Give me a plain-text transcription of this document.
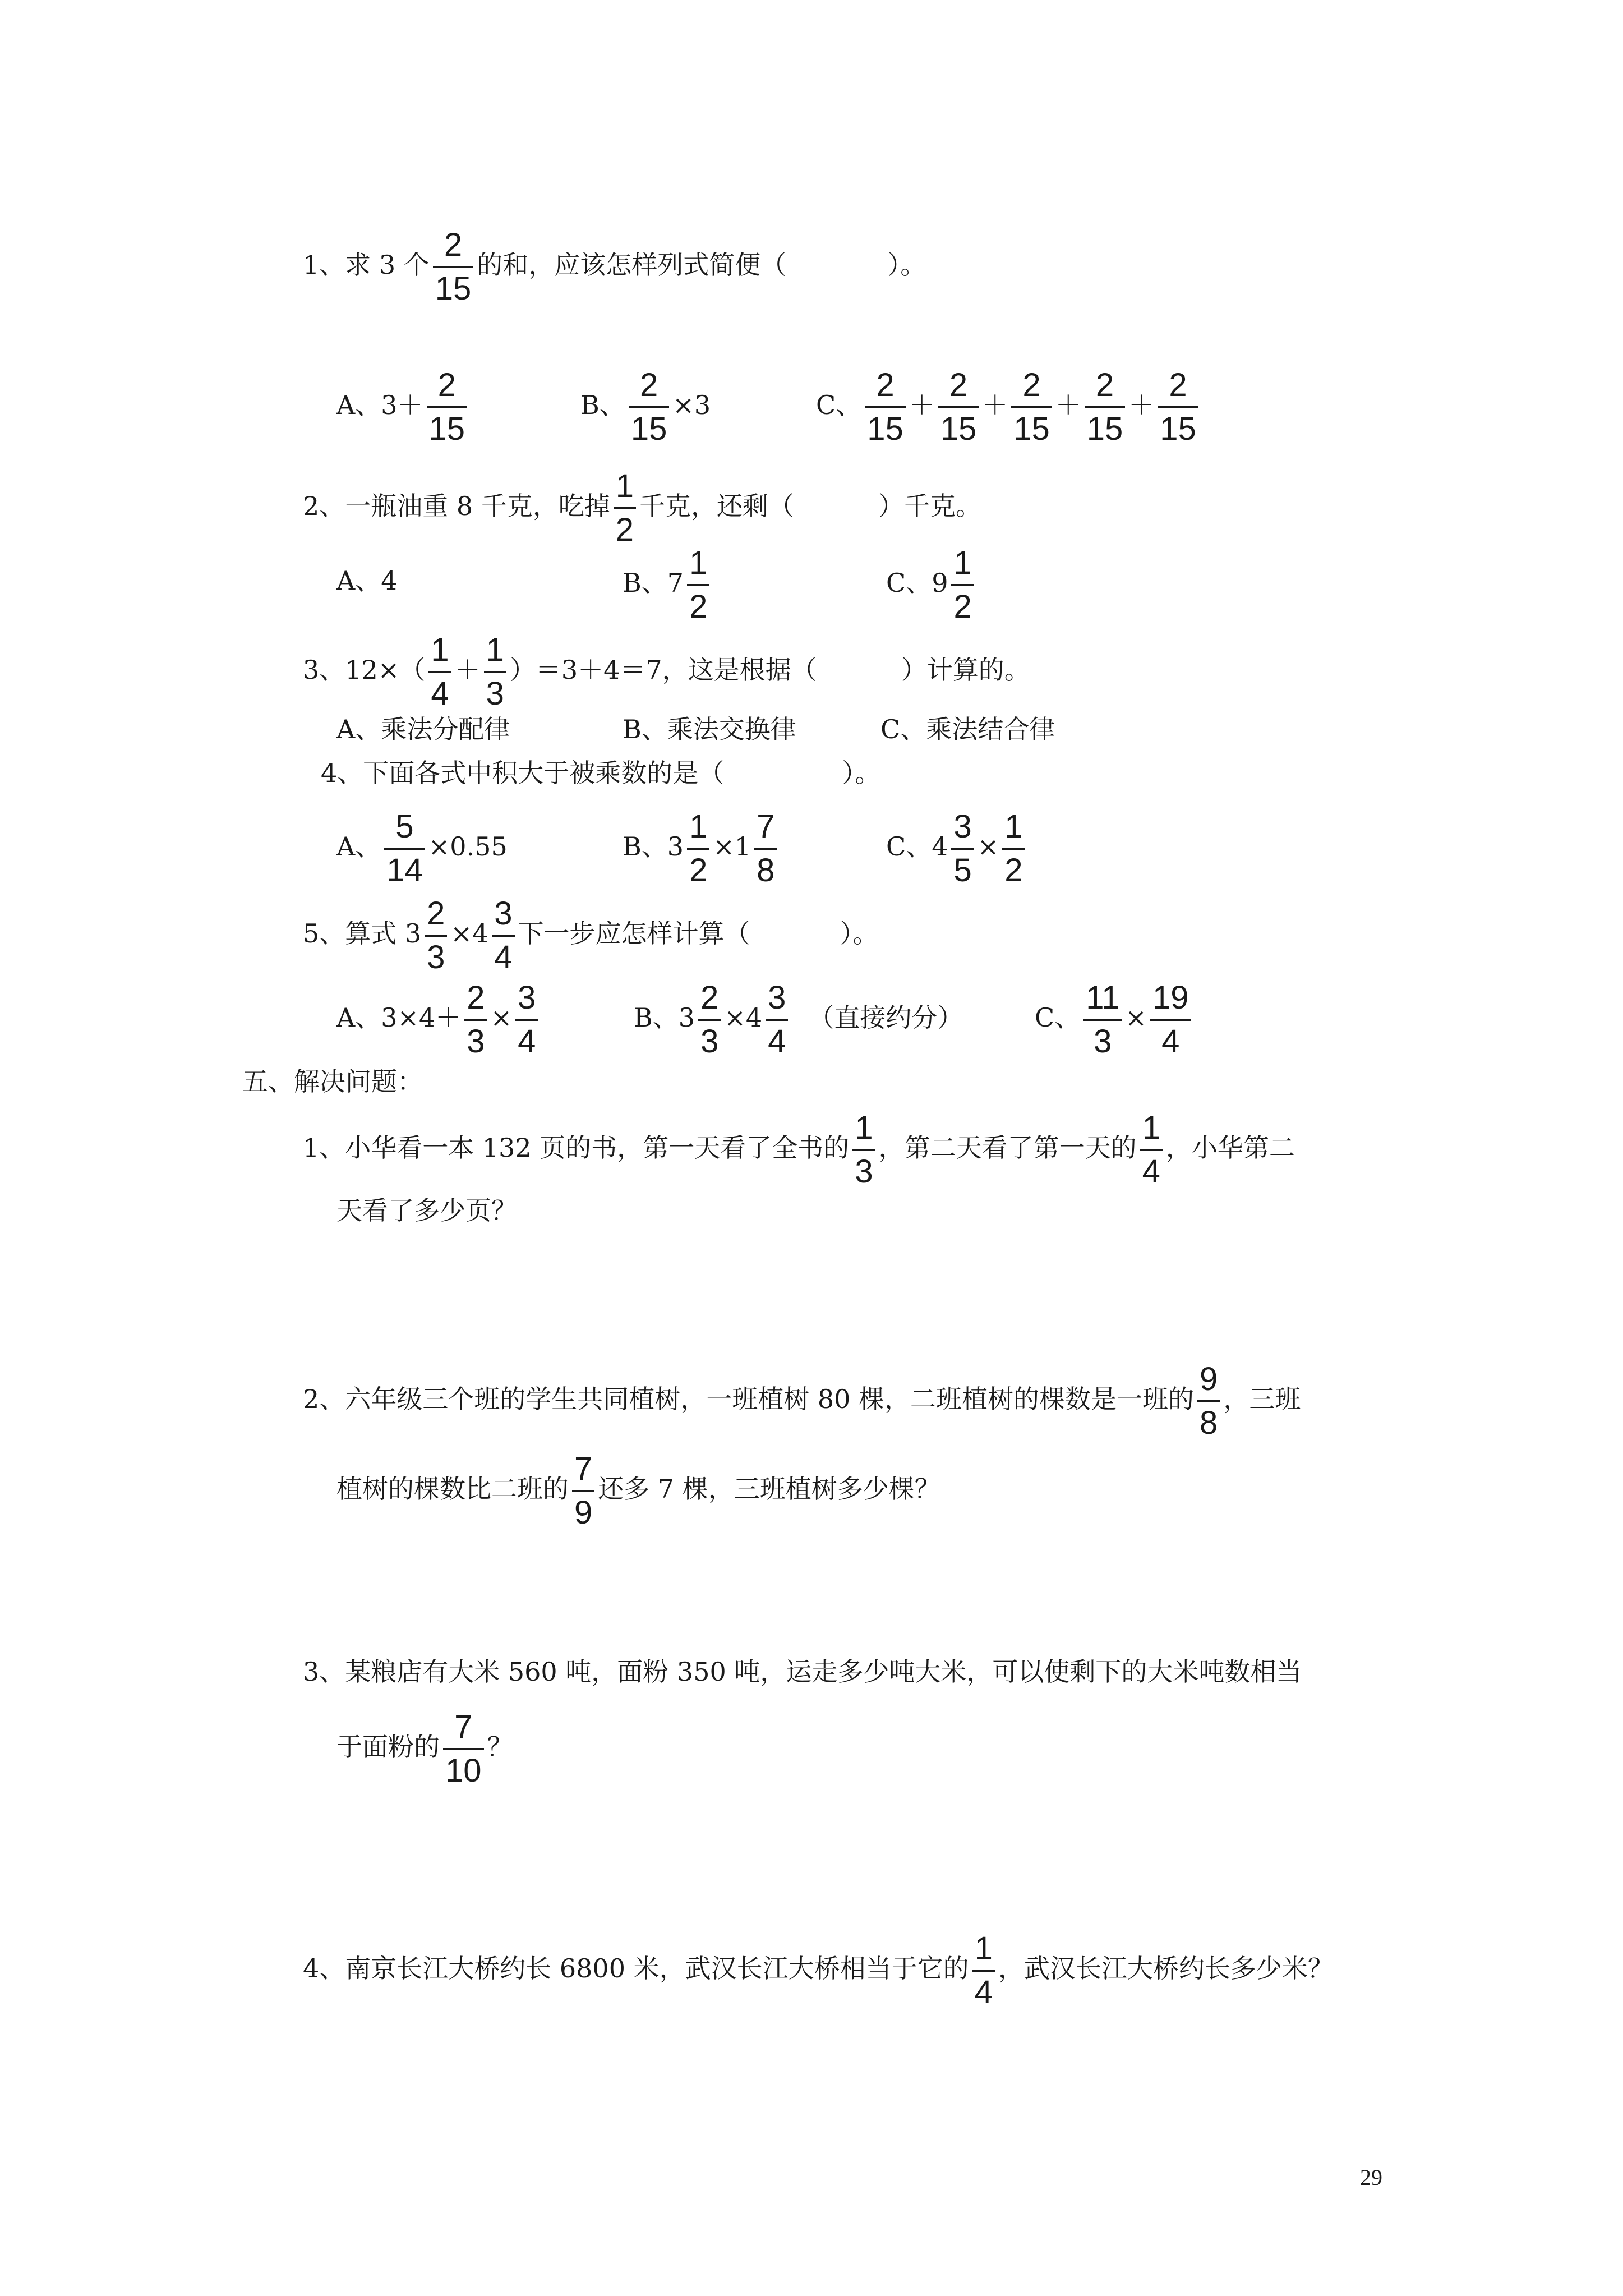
1、求 3 个 $\frac{2}{15}$ 的和，应该怎样列式简便（	）。
A、$3+ \frac{2}{15}$	B、 $\frac{2}{15} \times 3$	C、 $\frac{2}{15} + \frac{2}{15} + \frac{2}{15} + \frac{2}{15} + \frac{2}{15}$
2、一瓶油重 8 千克，吃掉 $\frac{1}{2}$ 千克，还剩（	）千克。
A、4	B、$7 \frac{1}{2}$	C、$9 \frac{1}{2}$
3、$12\times( \frac{1}{4} + \frac{1}{3} )=3+4=7$，这是根据（	）计算的。
A、乘法分配律	B、乘法交换律	C、乘法结合律
4、下面各式中积大于被乘数的是（	）。
A、 $\frac{5}{14} \times 0.55$	B、$3 \frac{1}{2} \times 1 \frac{7}{8}$	C、$4 \frac{3}{5} \times \frac{1}{2}$
5、算式 $3 \frac{2}{3} \times 4 \frac{3}{4}$ 下一步应怎样计算（	）。
A、$3\times 4+ \frac{2}{3} \times \frac{3}{4}$	B、$3 \frac{2}{3} \times 4 \frac{3}{4}$ （直接约分）	C、 $\frac{11}{3} \times \frac{19}{4}$
五、解决问题：
1、小华看一本 132 页的书，第一天看了全书的 $\frac{1}{3}$ ，第二天看了第一天的 $\frac{1}{4}$ ，小华第二
天看了多少页？
2、六年级三个班的学生共同植树，一班植树 80 棵，二班植树的棵数是一班的 $\frac{9}{8}$ ，三班
植树的棵数比二班的 $\frac{7}{9}$ 还多 7 棵，三班植树多少棵？
3、某粮店有大米 560 吨，面粉 350 吨，运走多少吨大米，可以使剩下的大米吨数相当
于面粉的 $\frac{7}{10}$ ？
4、南京长江大桥约长 6800 米，武汉长江大桥相当于它的 $\frac{1}{4}$ ，武汉长江大桥约长多少米？
29
